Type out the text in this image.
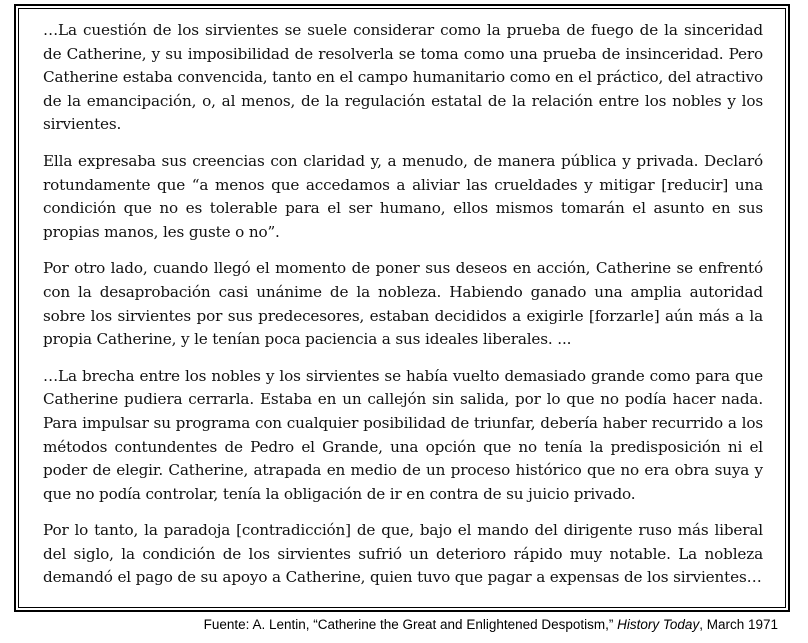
…La cuestión de los sirvientes se suele considerar como la prueba de fuego de la sinceridad de Catherine, y su imposibilidad de resolverla se toma como una prueba de insinceridad. Pero Catherine estaba convencida, tanto en el campo humanitario como en el práctico, del atractivo de la emancipación, o, al menos, de la regulación estatal de la relación entre los nobles y los sirvientes.

Ella expresaba sus creencias con claridad y, a menudo, de manera pública y privada. Declaró rotundamente que “a menos que accedamos a aliviar las crueldades y mitigar [reducir] una condición que no es tolerable para el ser humano, ellos mismos tomarán el asunto en sus propias manos, les guste o no”.

Por otro lado, cuando llegó el momento de poner sus deseos en acción, Catherine se enfrentó con la desaprobación casi unánime de la nobleza. Habiendo ganado una amplia autoridad sobre los sirvientes por sus predecesores, estaban decididos a exigirle [forzarle] aún más a la propia Catherine, y le tenían poca paciencia a sus ideales liberales. ...

…La brecha entre los nobles y los sirvientes se había vuelto demasiado grande como para que Catherine pudiera cerrarla. Estaba en un callejón sin salida, por lo que no podía hacer nada. Para impulsar su programa con cualquier posibilidad de triunfar, debería haber recurrido a los métodos contundentes de Pedro el Grande, una opción que no tenía la predisposición ni el poder de elegir. Catherine, atrapada en medio de un proceso histórico que no era obra suya y que no podía controlar, tenía la obligación de ir en contra de su juicio privado.

Por lo tanto, la paradoja [contradicción] de que, bajo el mando del dirigente ruso más liberal del siglo, la condición de los sirvientes sufrió un deterioro rápido muy notable. La nobleza demandó el pago de su apoyo a Catherine, quien tuvo que pagar a expensas de los sirvientes…

Fuente: A. Lentin, “Catherine the Great and Enlightened Despotism,” History Today, March 1971
